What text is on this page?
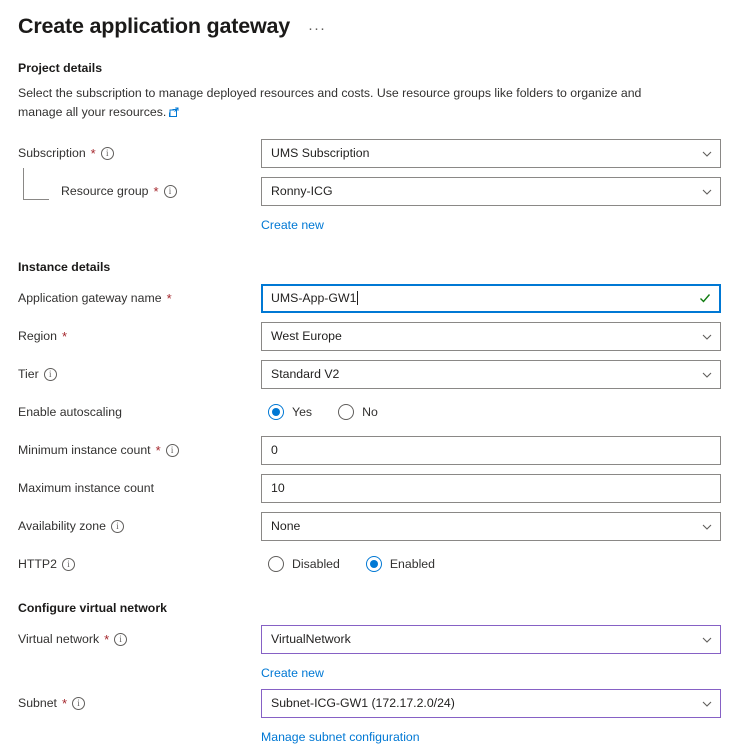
Create application gateway ···
Project details
Select the subscription to manage deployed resources and costs. Use resource groups like folders to organize and manage all your resources.
Subscription *	i	UMS Subscription
Resource group *	i	Ronny-ICG
Create new
Instance details
Application gateway name *	UMS-App-GW1
Region *	West Europe
Tier	i	Standard V2
Enable autoscaling	Yes	No
Minimum instance count *	i	0
Maximum instance count	10
Availability zone	i	None
HTTP2	i	Disabled	Enabled
Configure virtual network
Virtual network *	i	VirtualNetwork
Create new
Subnet *	i	Subnet-ICG-GW1 (172.17.2.0/24)
Manage subnet configuration
